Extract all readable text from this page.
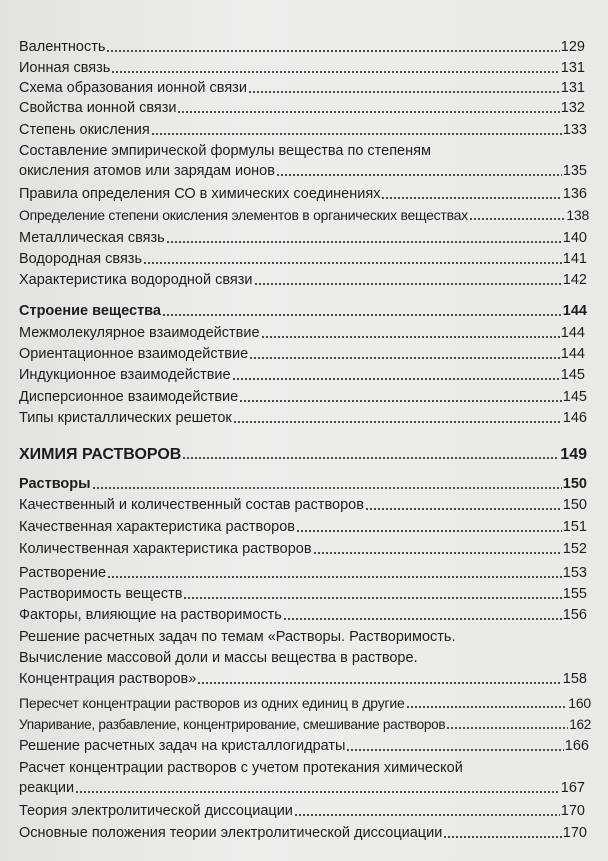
Валентность	129
Ионная связь	131
Схема образования ионной связи	131
Свойства ионной связи	132
Степень окисления	133
Составление эмпирической формулы вещества по степеням
окисления атомов или зарядам ионов	135
Правила определения СО в химических соединениях	136
Определение степени окисления элементов в органических веществах	138
Металлическая связь	140
Водородная связь	141
Характеристика водородной связи	142
Строение вещества	144
Межмолекулярное взаимодействие	144
Ориентационное взаимодействие	144
Индукционное взаимодействие	145
Дисперсионное взаимодействие	145
Типы кристаллических решеток	146
ХИМИЯ РАСТВОРОВ	149
Растворы	150
Качественный и количественный состав растворов	150
Качественная характеристика растворов	151
Количественная характеристика растворов	152
Растворение	153
Растворимость веществ	155
Факторы, влияющие на растворимость	156
Решение расчетных задач по темам «Растворы. Растворимость.
Вычисление массовой доли и массы вещества в растворе.
Концентрация растворов»	158
Пересчет концентрации растворов из одних единиц в другие	160
Упаривание, разбавление, концентрирование, смешивание растворов	162
Решение расчетных задач на кристаллогидраты	166
Расчет концентрации растворов с учетом протекания химической
реакции	167
Теория электролитической диссоциации	170
Основные положения теории электролитической диссоциации	170
